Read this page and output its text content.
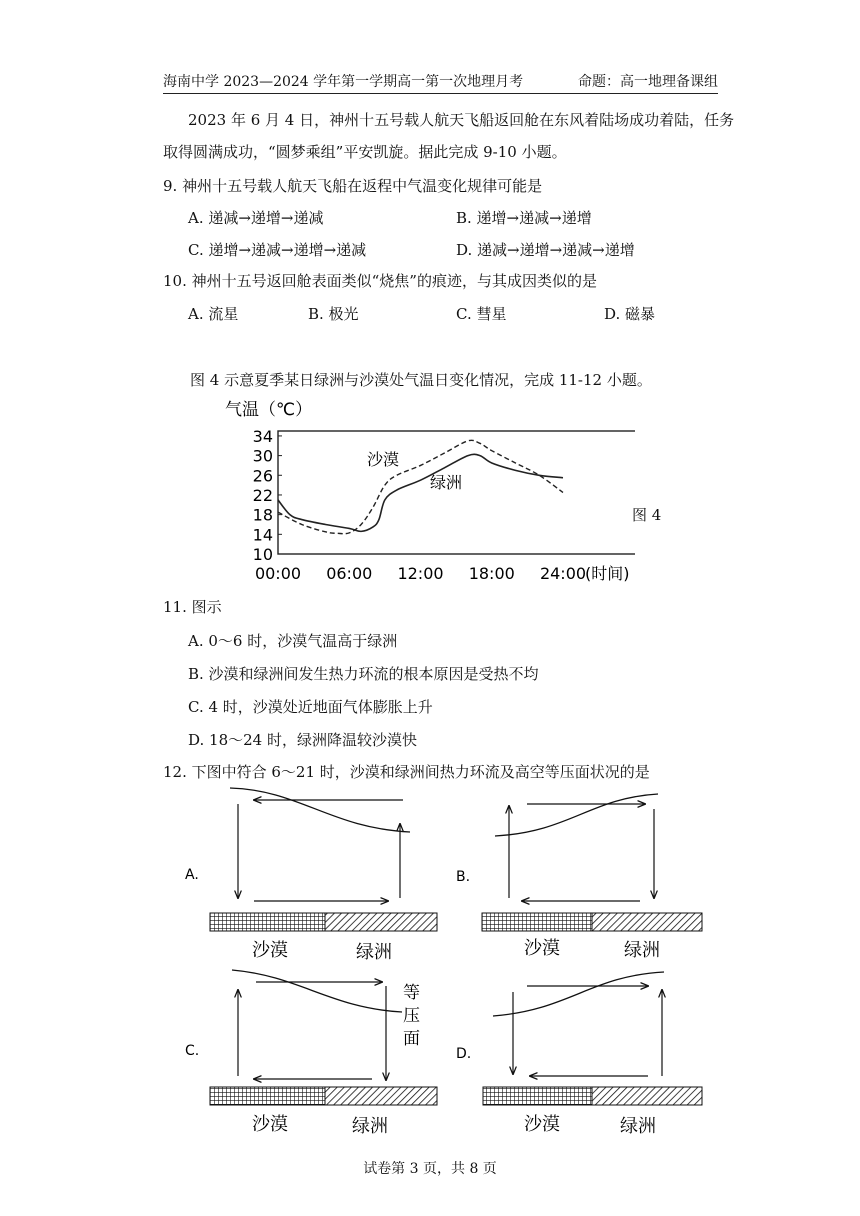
海南中学 2023—2024 学年第一学期高一第一次地理月考	命题：高一地理备课组
2023 年 6 月 4 日，神州十五号载人航天飞船返回舱在东风着陆场成功着陆，任务
取得圆满成功，“圆梦乘组”平安凯旋。据此完成 9-10 小题。
9. 神州十五号载人航天飞船在返程中气温变化规律可能是
A. 递减→递增→递减	B. 递增→递减→递增
C. 递增→递减→递增→递减	D. 递减→递增→递减→递增
10. 神州十五号返回舱表面类似“烧焦”的痕迹，与其成因类似的是
A. 流星	B. 极光	C. 彗星	D. 磁暴
图 4 示意夏季某日绿洲与沙漠处气温日变化情况，完成 11-12 小题。
气温（℃）
10
14
18
22
26
30
34
00:00 06:00 12:00 18:00 24:00
(时间)
沙漠
绿洲
图 4
11. 图示
A. 0～6 时，沙漠气温高于绿洲
B. 沙漠和绿洲间发生热力环流的根本原因是受热不均
C. 4 时，沙漠处近地面气体膨胀上升
D. 18～24 时，绿洲降温较沙漠快
12. 下图中符合 6～21 时，沙漠和绿洲间热力环流及高空等压面状况的是
A.
沙漠	绿洲
B.
沙漠	绿洲
C.
等
压
面
沙漠	绿洲
D.
沙漠	绿洲
试卷第 3 页，共 8 页
